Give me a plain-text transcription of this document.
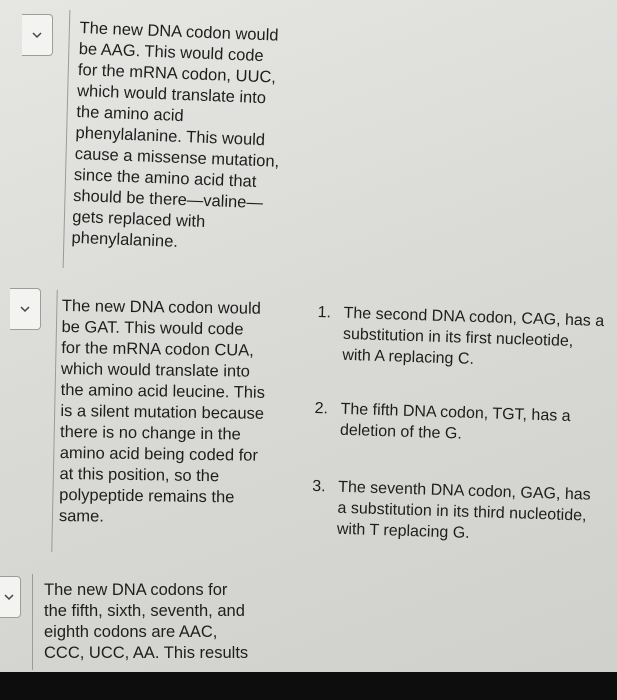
The new DNA codon would
be AAG. This would code
for the mRNA codon, UUC,
which would translate into
the amino acid
phenylalanine. This would
cause a missense mutation,
since the amino acid that
should be there—valine—
gets replaced with
phenylalanine.
The new DNA codon would
be GAT. This would code
for the mRNA codon CUA,
which would translate into
the amino acid leucine. This
is a silent mutation because
there is no change in the
amino acid being coded for
at this position, so the
polypeptide remains the
same.
The new DNA codons for
the fifth, sixth, seventh, and
eighth codons are AAC,
CCC, UCC, AA. This results
1. The second DNA codon, CAG, has a
substitution in its first nucleotide,
with A replacing C.
2. The fifth DNA codon, TGT, has a
deletion of the G.
3. The seventh DNA codon, GAG, has
a substitution in its third nucleotide,
with T replacing G.
